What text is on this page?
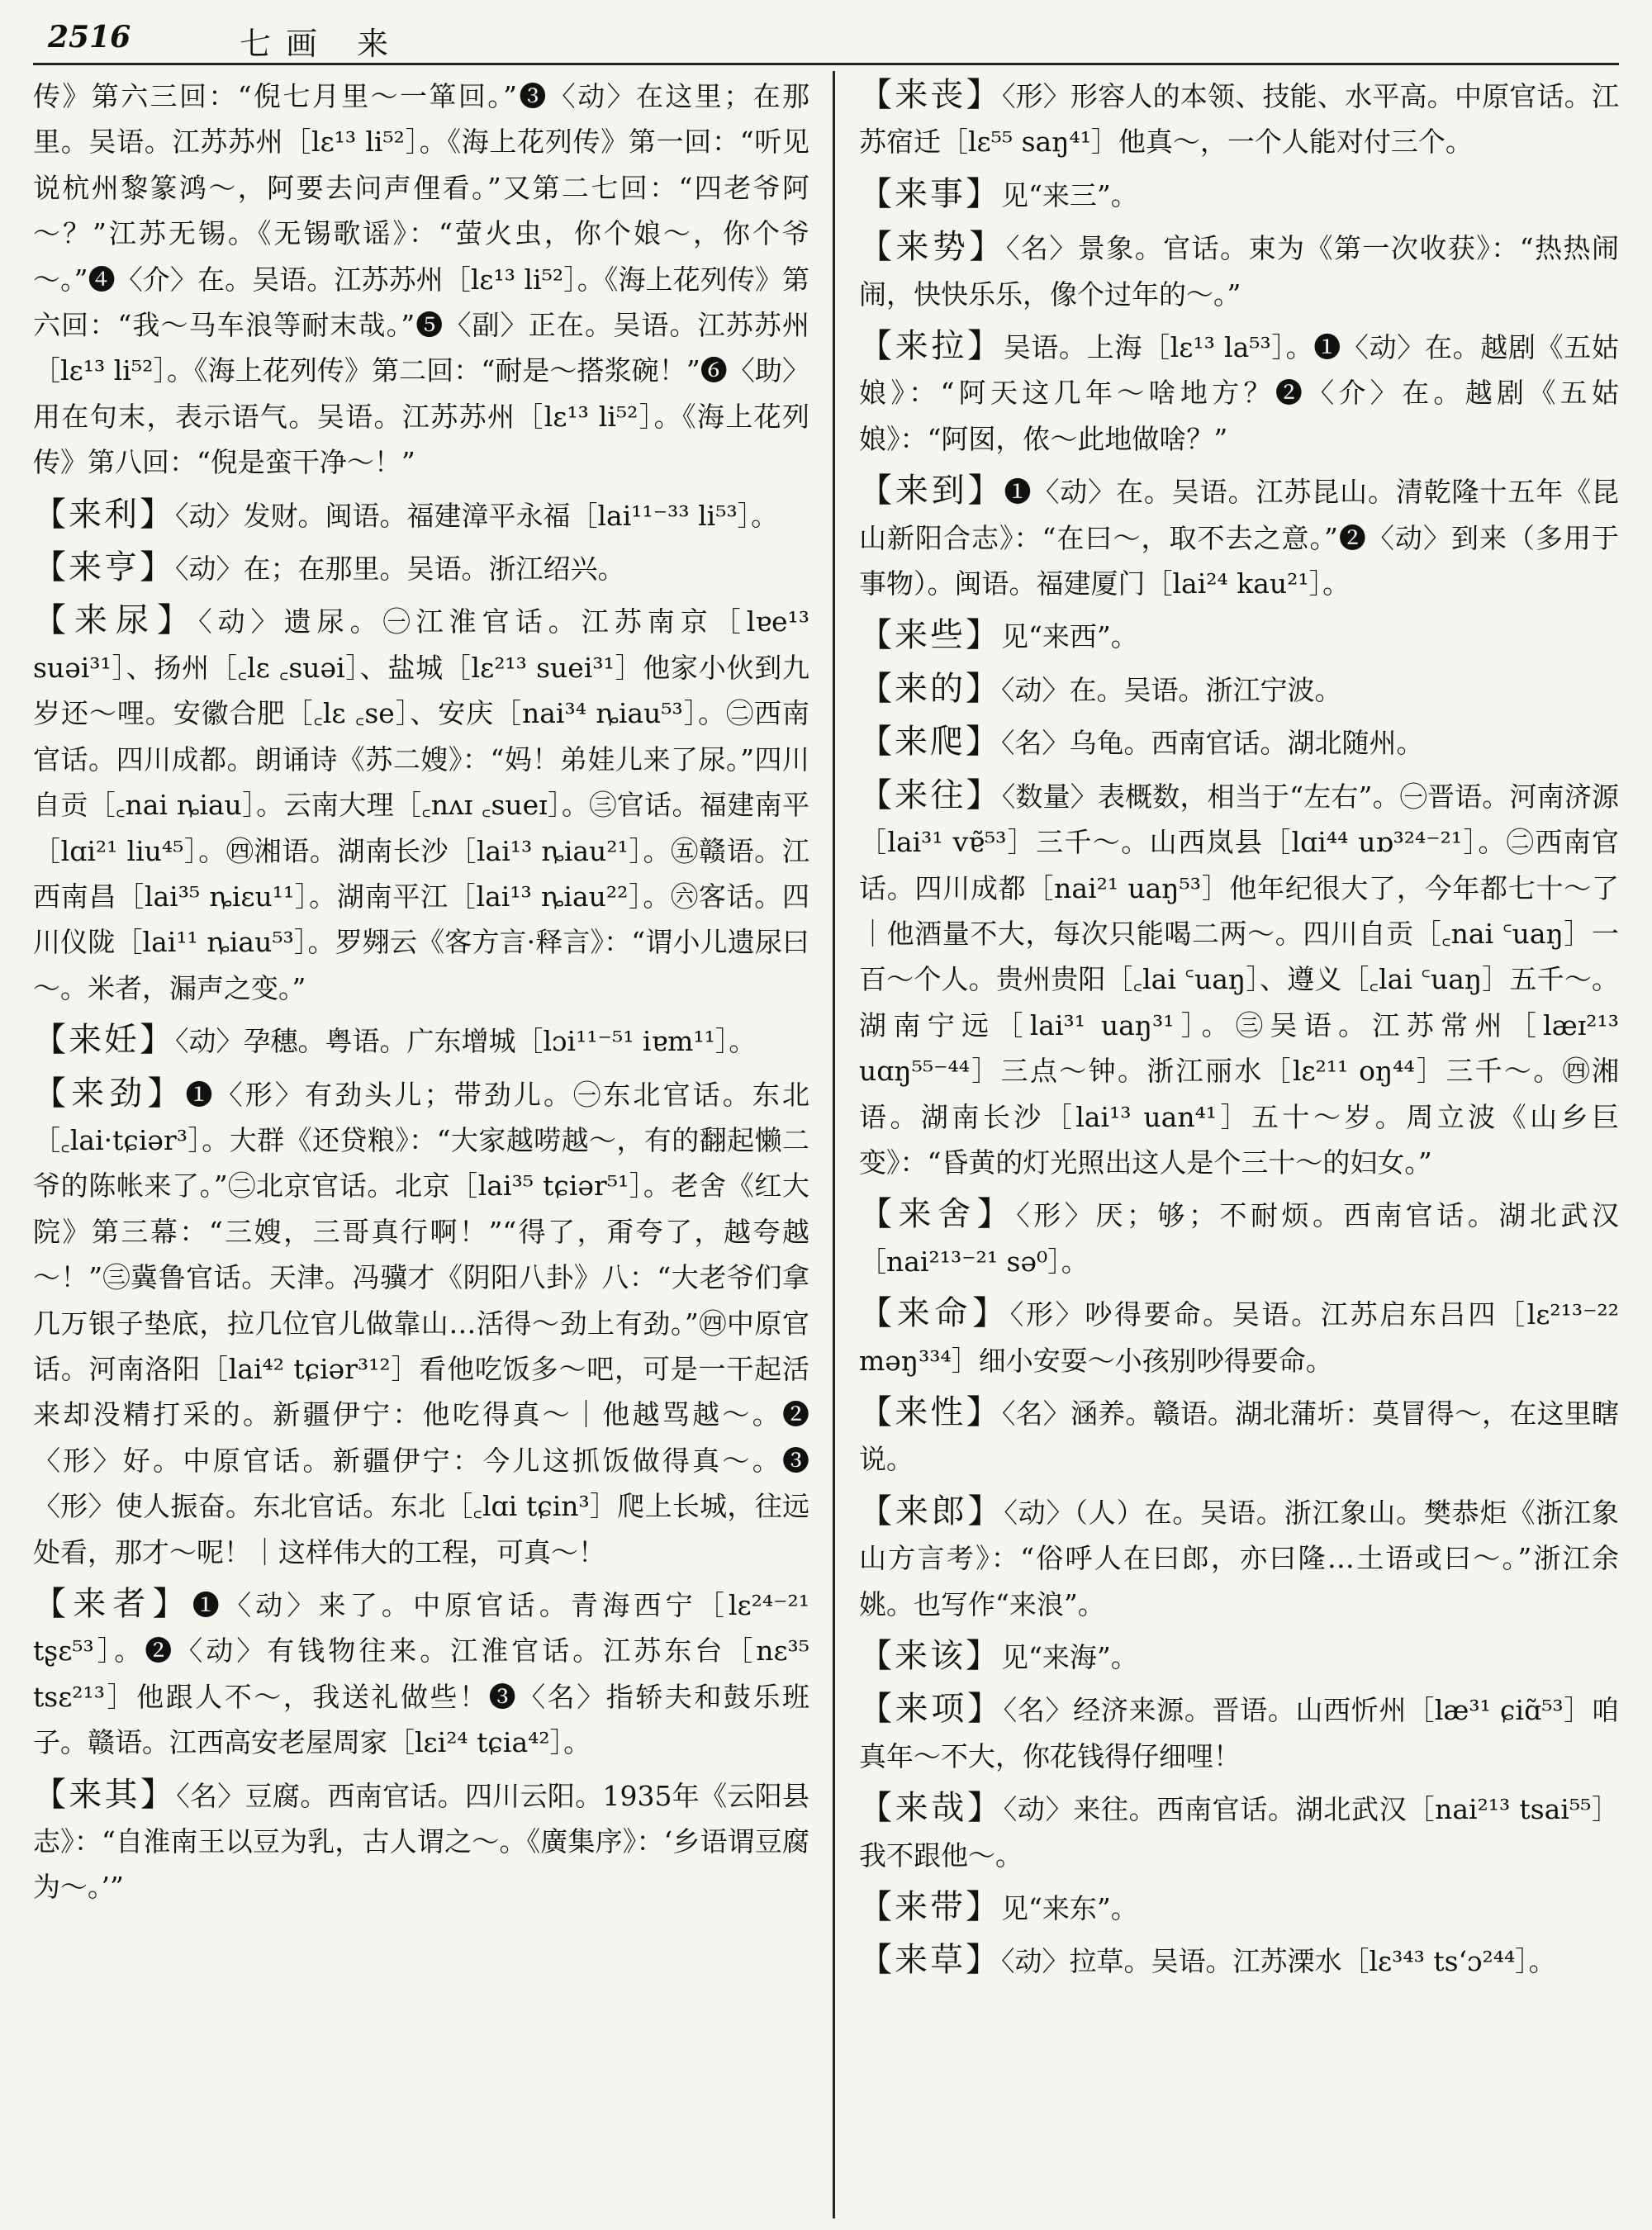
2516	七画 来

传》第六三回：“倪七月里～一箪回。”❸〈动〉在这里；在那里。吴语。江苏苏州［lɛ¹³ li⁵²］。《海上花列传》第一回：“听见说杭州黎篆鸿～，阿要去问声俚看。”又第二七回：“四老爷阿～？”江苏无锡。《无锡歌谣》：“萤火虫，你个娘～，你个爷～。”❹〈介〉在。吴语。江苏苏州［lɛ¹³ li⁵²］。《海上花列传》第六回：“我～马车浪等耐末哉。”❺〈副〉正在。吴语。江苏苏州［lɛ¹³ li⁵²］。《海上花列传》第二回：“耐是～搭浆碗！”❻〈助〉用在句末，表示语气。吴语。江苏苏州［lɛ¹³ li⁵²］。《海上花列传》第八回：“倪是蛮干净～！”

【来利】〈动〉发财。闽语。福建漳平永福［lai¹¹⁻³³ li⁵³］。

【来亨】〈动〉在；在那里。吴语。浙江绍兴。

【来尿】〈动〉遗尿。㊀江淮官话。江苏南京［lɐe¹³ suəi³¹］、扬州［꜀lɛ ꜀suəi］、盐城［lɛ²¹³ suei³¹］他家小伙到九岁还～哩。安徽合肥［꜀lɛ ꜀se］、安庆［nai³⁴ ȵiau⁵³］。㊁西南官话。四川成都。朗诵诗《苏二嫂》：“妈！弟娃儿来了尿。”四川自贡［꜀nai ȵiau］。云南大理［꜀nʌɪ ꜀sueɪ］。㊂官话。福建南平［lɑi²¹ liu⁴⁵］。㊃湘语。湖南长沙［lai¹³ ȵiau²¹］。㊄赣语。江西南昌［lai³⁵ ȵiɛu¹¹］。湖南平江［lai¹³ ȵiau²²］。㊅客话。四川仪陇［lai¹¹ ȵiau⁵³］。罗翙云《客方言·释言》：“谓小儿遗尿曰～。米者，漏声之变。”

【来妊】〈动〉孕穗。粤语。广东增城［lɔi¹¹⁻⁵¹ iɐm¹¹］。

【来劲】❶〈形〉有劲头儿；带劲儿。㊀东北官话。东北［꜀lai·tɕiər³］。大群《还贷粮》：“大家越唠越～，有的翻起懒二爷的陈帐来了。”㊁北京官话。北京［lai³⁵ tɕiər⁵¹］。老舍《红大院》第三幕：“三嫂，三哥真行啊！”“得了，甭夸了，越夸越～！”㊂冀鲁官话。天津。冯骥才《阴阳八卦》八：“大老爷们拿几万银子垫底，拉几位官儿做靠山…活得～劲上有劲。”㊃中原官话。河南洛阳［lai⁴² tɕiər³¹²］看他吃饭多～吧，可是一干起活来却没精打采的。新疆伊宁：他吃得真～｜他越骂越～。❷〈形〉好。中原官话。新疆伊宁：今儿这抓饭做得真～。❸〈形〉使人振奋。东北官话。东北［꜀lɑi tɕin³］爬上长城，往远处看，那才～呢！｜这样伟大的工程，可真～！

【来者】❶〈动〉来了。中原官话。青海西宁［lɛ²⁴⁻²¹ tʂɛ⁵³］。❷〈动〉有钱物往来。江淮官话。江苏东台［nɛ³⁵ tsɛ²¹³］他跟人不～，我送礼做些！❸〈名〉指轿夫和鼓乐班子。赣语。江西高安老屋周家［lɛi²⁴ tɕia⁴²］。

【来其】〈名〉豆腐。西南官话。四川云阳。1935年《云阳县志》：“自淮南王以豆为乳，古人谓之～。《廣集序》：‘乡语谓豆腐为～。’”

【来丧】〈形〉形容人的本领、技能、水平高。中原官话。江苏宿迁［lɛ⁵⁵ saŋ⁴¹］他真～，一个人能对付三个。

【来事】见“来三”。

【来势】〈名〉景象。官话。束为《第一次收获》：“热热闹闹，快快乐乐，像个过年的～。”

【来拉】吴语。上海［lɛ¹³ la⁵³］。❶〈动〉在。越剧《五姑娘》：“阿天这几年～啥地方？❷〈介〉在。越剧《五姑娘》：“阿囡，侬～此地做啥？”

【来到】❶〈动〉在。吴语。江苏昆山。清乾隆十五年《昆山新阳合志》：“在曰～，取不去之意。”❷〈动〉到来（多用于事物）。闽语。福建厦门［lai²⁴ kau²¹］。

【来些】见“来西”。

【来的】〈动〉在。吴语。浙江宁波。

【来爬】〈名〉乌龟。西南官话。湖北随州。

【来往】〈数量〉表概数，相当于“左右”。㊀晋语。河南济源［lai³¹ vɐ̃⁵³］三千～。山西岚县［lɑi⁴⁴ uɒ³²⁴⁻²¹］。㊁西南官话。四川成都［nai²¹ uaŋ⁵³］他年纪很大了，今年都七十～了｜他酒量不大，每次只能喝二两～。四川自贡［꜀nai ꜂uaŋ］一百～个人。贵州贵阳［꜀lai ꜂uaŋ］、遵义［꜀lai ꜂uaŋ］五千～。湖南宁远［lai³¹ uaŋ³¹］。㊂吴语。江苏常州［læɪ²¹³ uɑŋ⁵⁵⁻⁴⁴］三点～钟。浙江丽水［lɛ²¹¹ oŋ⁴⁴］三千～。㊃湘语。湖南长沙［lai¹³ uan⁴¹］五十～岁。周立波《山乡巨变》：“昏黄的灯光照出这人是个三十～的妇女。”

【来舍】〈形〉厌；够；不耐烦。西南官话。湖北武汉［nai²¹³⁻²¹ sə⁰］。

【来命】〈形〉吵得要命。吴语。江苏启东吕四［lɛ²¹³⁻²² məŋ³³⁴］细小安耍～小孩别吵得要命。

【来性】〈名〉涵养。赣语。湖北蒲圻：莫冒得～，在这里瞎说。

【来郎】〈动〉（人）在。吴语。浙江象山。樊恭炬《浙江象山方言考》：“俗呼人在曰郎，亦曰隆…土语或曰～。”浙江余姚。也写作“来浪”。

【来该】见“来海”。

【来项】〈名〉经济来源。晋语。山西忻州［læ³¹ ɕiɑ̃⁵³］咱真年～不大，你花钱得仔细哩！

【来哉】〈动〉来往。西南官话。湖北武汉［nai²¹³ tsai⁵⁵］我不跟他～。

【来带】见“来东”。

【来草】〈动〉拉草。吴语。江苏溧水［lɛ³⁴³ ts‘ɔ²⁴⁴］。
